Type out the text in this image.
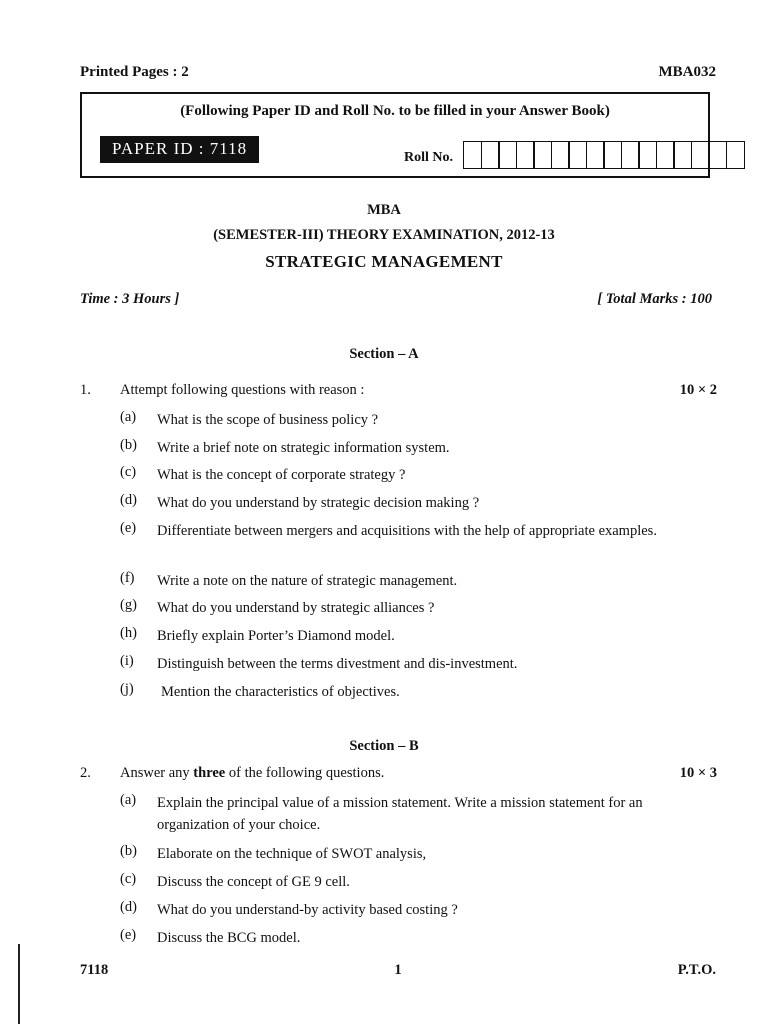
Printed Pages : 2	MBA032
(Following Paper ID and Roll No. to be filled in your Answer Book)
PAPER ID : 7118	Roll No.
MBA
(SEMESTER-III) THEORY EXAMINATION, 2012-13
STRATEGIC MANAGEMENT
Time : 3 Hours ]	[ Total Marks : 100
Section – A
1. Attempt following questions with reason :	10 × 2
(a)	What is the scope of business policy ?
(b)	Write a brief note on strategic information system.
(c)	What is the concept of corporate strategy ?
(d)	What do you understand by strategic decision making ?
(e)	Differentiate between mergers and acquisitions with the help of appropriate examples.
(f)	Write a note on the nature of strategic management.
(g)	What do you understand by strategic alliances ?
(h)	Briefly explain Porter’s Diamond model.
(i)	Distinguish between the terms divestment and dis-investment.
(j)	Mention the characteristics of objectives.
Section – B
2. Answer any three of the following questions.	10 × 3
(a)	Explain the principal value of a mission statement. Write a mission statement for an organization of your choice.
(b)	Elaborate on the technique of SWOT analysis,
(c)	Discuss the concept of GE 9 cell.
(d)	What do you understand-by activity based costing ?
(e)	Discuss the BCG model.
7118	1	P.T.O.
